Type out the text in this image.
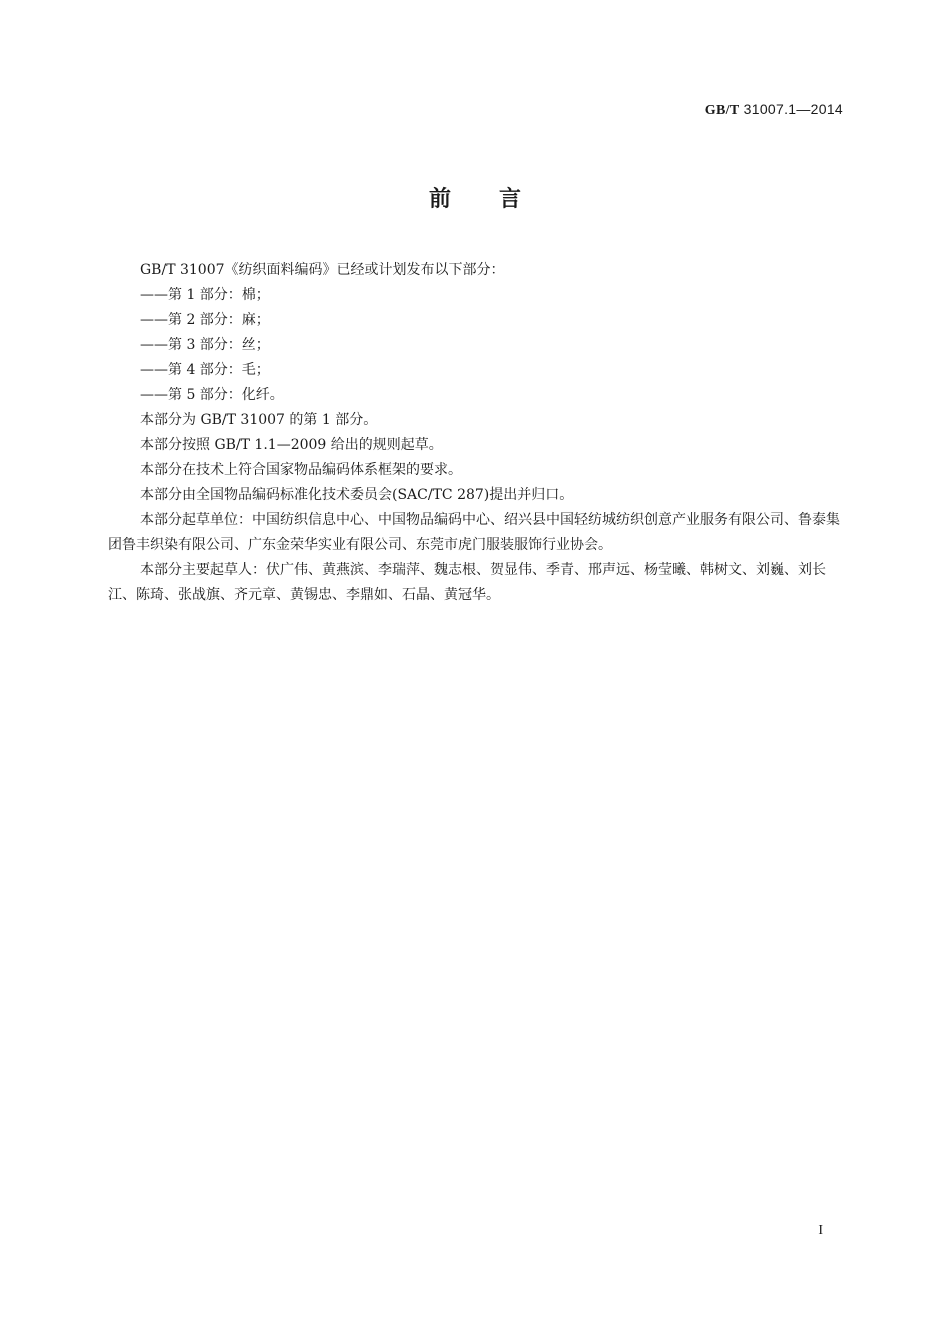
GB/T 31007.1—2014
前言

GB/T 31007《纺织面料编码》已经或计划发布以下部分：

——第 1 部分：棉；

——第 2 部分：麻；

——第 3 部分：丝；

——第 4 部分：毛；

——第 5 部分：化纤。

本部分为 GB/T 31007 的第 1 部分。

本部分按照 GB/T 1.1—2009 给出的规则起草。

本部分在技术上符合国家物品编码体系框架的要求。

本部分由全国物品编码标准化技术委员会(SAC/TC 287)提出并归口。

本部分起草单位：中国纺织信息中心、中国物品编码中心、绍兴县中国轻纺城纺织创意产业服务有限公司、鲁泰集团鲁丰织染有限公司、广东金荣华实业有限公司、东莞市虎门服装服饰行业协会。

本部分主要起草人：伏广伟、黄燕滨、李瑞萍、魏志根、贺显伟、季青、邢声远、杨莹曦、韩树文、刘巍、刘长江、陈琦、张战旗、齐元章、黄锡忠、李鼎如、石晶、黄冠华。

I
